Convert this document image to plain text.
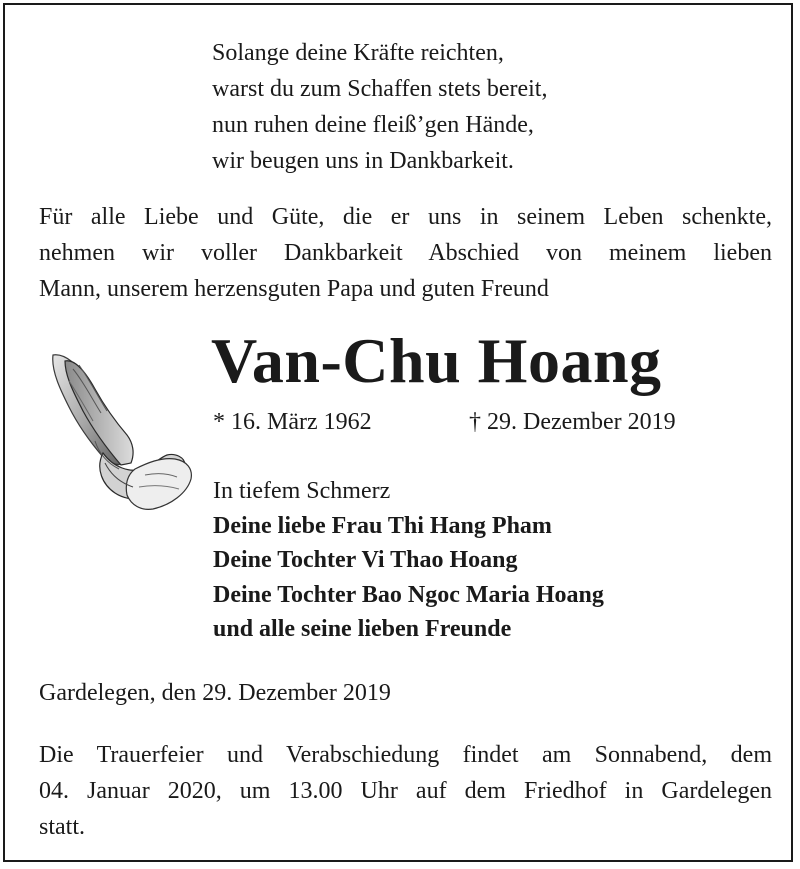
Solange deine Kräfte reichten,
warst du zum Schaffen stets bereit,
nun ruhen deine fleiß’gen Hände,
wir beugen uns in Dankbarkeit.
Für alle Liebe und Güte, die er uns in seinem Leben schenkte,
nehmen wir voller Dankbarkeit Abschied von meinem lieben
Mann, unserem herzensguten Papa und guten Freund
Van-Chu Hoang
* 16. März 1962	† 29. Dezember 2019
In tiefem Schmerz
Deine liebe Frau Thi Hang Pham
Deine Tochter Vi Thao Hoang
Deine Tochter Bao Ngoc Maria Hoang
und alle seine lieben Freunde
Gardelegen, den 29. Dezember 2019
Die Trauerfeier und Verabschiedung findet am Sonnabend, dem
04. Januar 2020, um 13.00 Uhr auf dem Friedhof in Gardelegen
statt.
